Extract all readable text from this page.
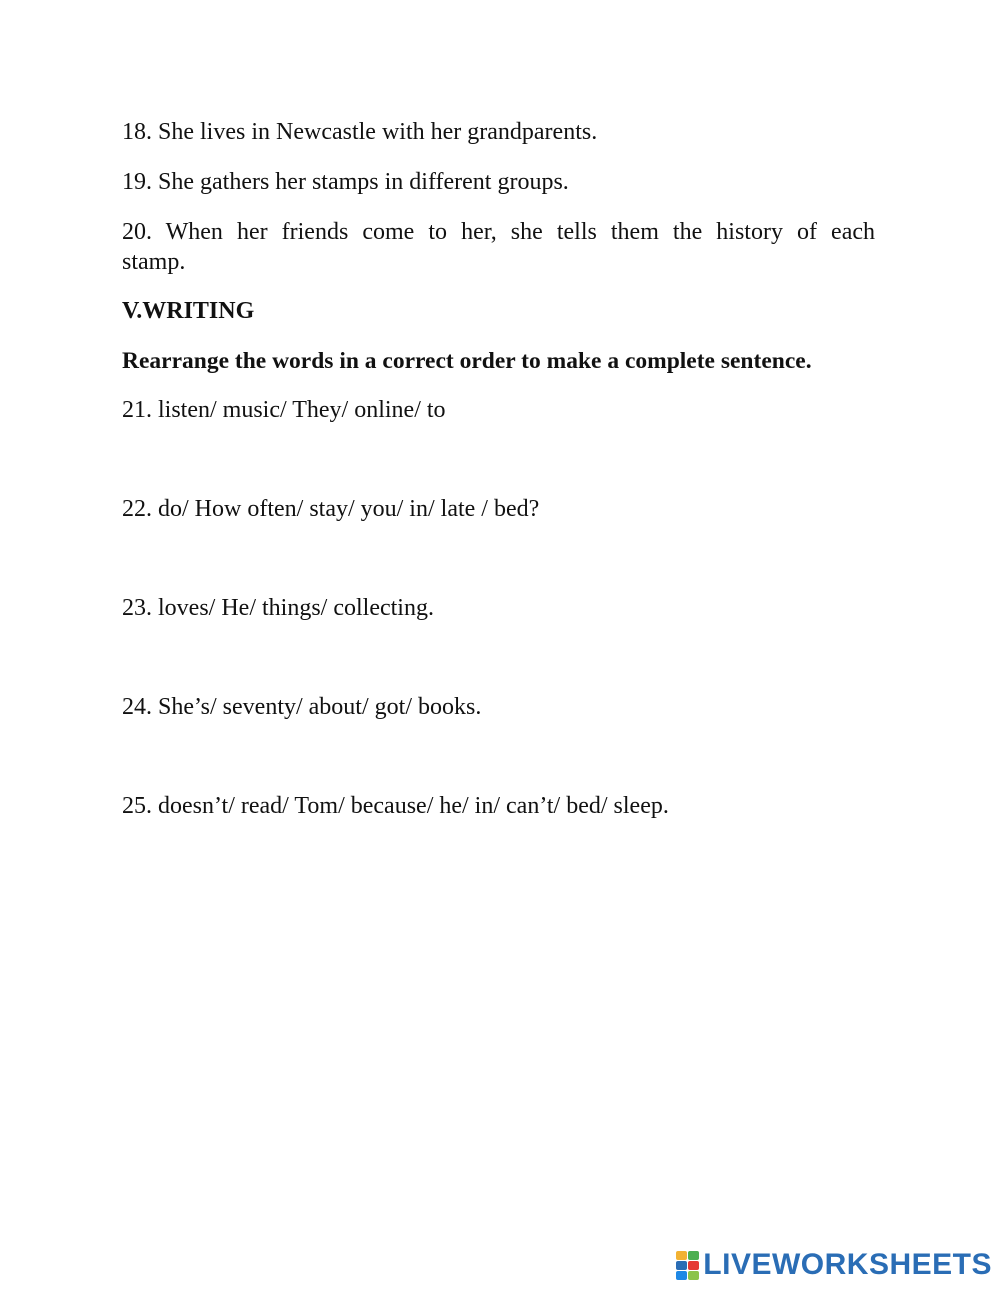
18. She lives in Newcastle with her grandparents.
19. She gathers her stamps in different groups.
20. When her friends come to her, she tells them the history of each
stamp.
V.WRITING
Rearrange the words in a correct order to make a complete sentence.
21. listen/ music/ They/ online/ to
22. do/ How often/ stay/ you/ in/ late / bed?
23. loves/ He/ things/ collecting.
24. She’s/ seventy/ about/ got/ books.
25. doesn’t/ read/ Tom/ because/ he/ in/ can’t/ bed/ sleep.
LIVEWORKSHEETS
